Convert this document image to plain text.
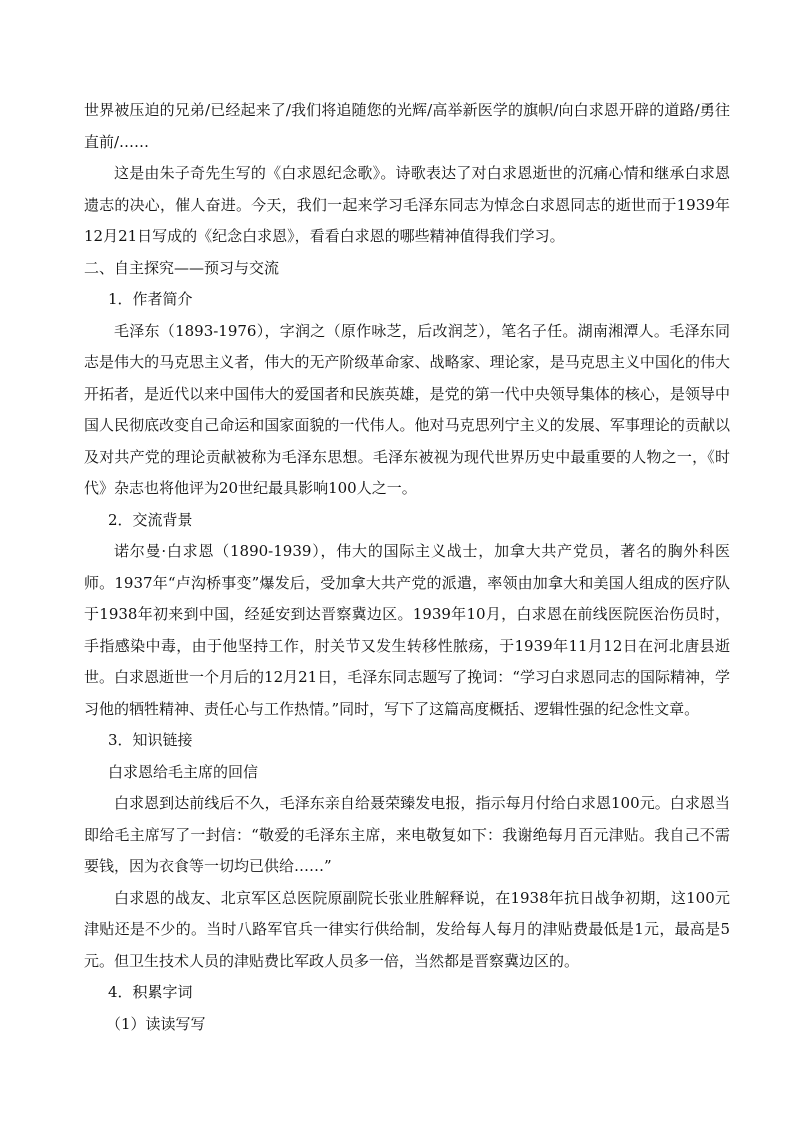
世界被压迫的兄弟/已经起来了/我们将追随您的光辉/高举新医学的旗帜/向白求恩开辟的道路/勇往直前/……

这是由朱子奇先生写的《白求恩纪念歌》。诗歌表达了对白求恩逝世的沉痛心情和继承白求恩遗志的决心，催人奋进。今天，我们一起来学习毛泽东同志为悼念白求恩同志的逝世而于1939年12月21日写成的《纪念白求恩》，看看白求恩的哪些精神值得我们学习。

二、自主探究——预习与交流

1．作者简介

毛泽东（1893-1976），字润之（原作咏芝，后改润芝），笔名子任。湖南湘潭人。毛泽东同志是伟大的马克思主义者，伟大的无产阶级革命家、战略家、理论家，是马克思主义中国化的伟大开拓者，是近代以来中国伟大的爱国者和民族英雄，是党的第一代中央领导集体的核心，是领导中国人民彻底改变自己命运和国家面貌的一代伟人。他对马克思列宁主义的发展、军事理论的贡献以及对共产党的理论贡献被称为毛泽东思想。毛泽东被视为现代世界历史中最重要的人物之一，《时代》杂志也将他评为20世纪最具影响100人之一。

2．交流背景

诺尔曼·白求恩（1890-1939），伟大的国际主义战士，加拿大共产党员，著名的胸外科医师。1937年“卢沟桥事变”爆发后，受加拿大共产党的派遣，率领由加拿大和美国人组成的医疗队于1938年初来到中国，经延安到达晋察冀边区。1939年10月，白求恩在前线医院医治伤员时，手指感染中毒，由于他坚持工作，肘关节又发生转移性脓疡，于1939年11月12日在河北唐县逝世。白求恩逝世一个月后的12月21日，毛泽东同志题写了挽词：“学习白求恩同志的国际精神，学习他的牺牲精神、责任心与工作热情。”同时，写下了这篇高度概括、逻辑性强的纪念性文章。

3．知识链接

白求恩给毛主席的回信

白求恩到达前线后不久，毛泽东亲自给聂荣臻发电报，指示每月付给白求恩100元。白求恩当即给毛主席写了一封信：“敬爱的毛泽东主席，来电敬复如下：我谢绝每月百元津贴。我自己不需要钱，因为衣食等一切均已供给……”

白求恩的战友、北京军区总医院原副院长张业胜解释说，在1938年抗日战争初期，这100元津贴还是不少的。当时八路军官兵一律实行供给制，发给每人每月的津贴费最低是1元，最高是5元。但卫生技术人员的津贴费比军政人员多一倍，当然都是晋察冀边区的。

4．积累字词

（1）读读写写
